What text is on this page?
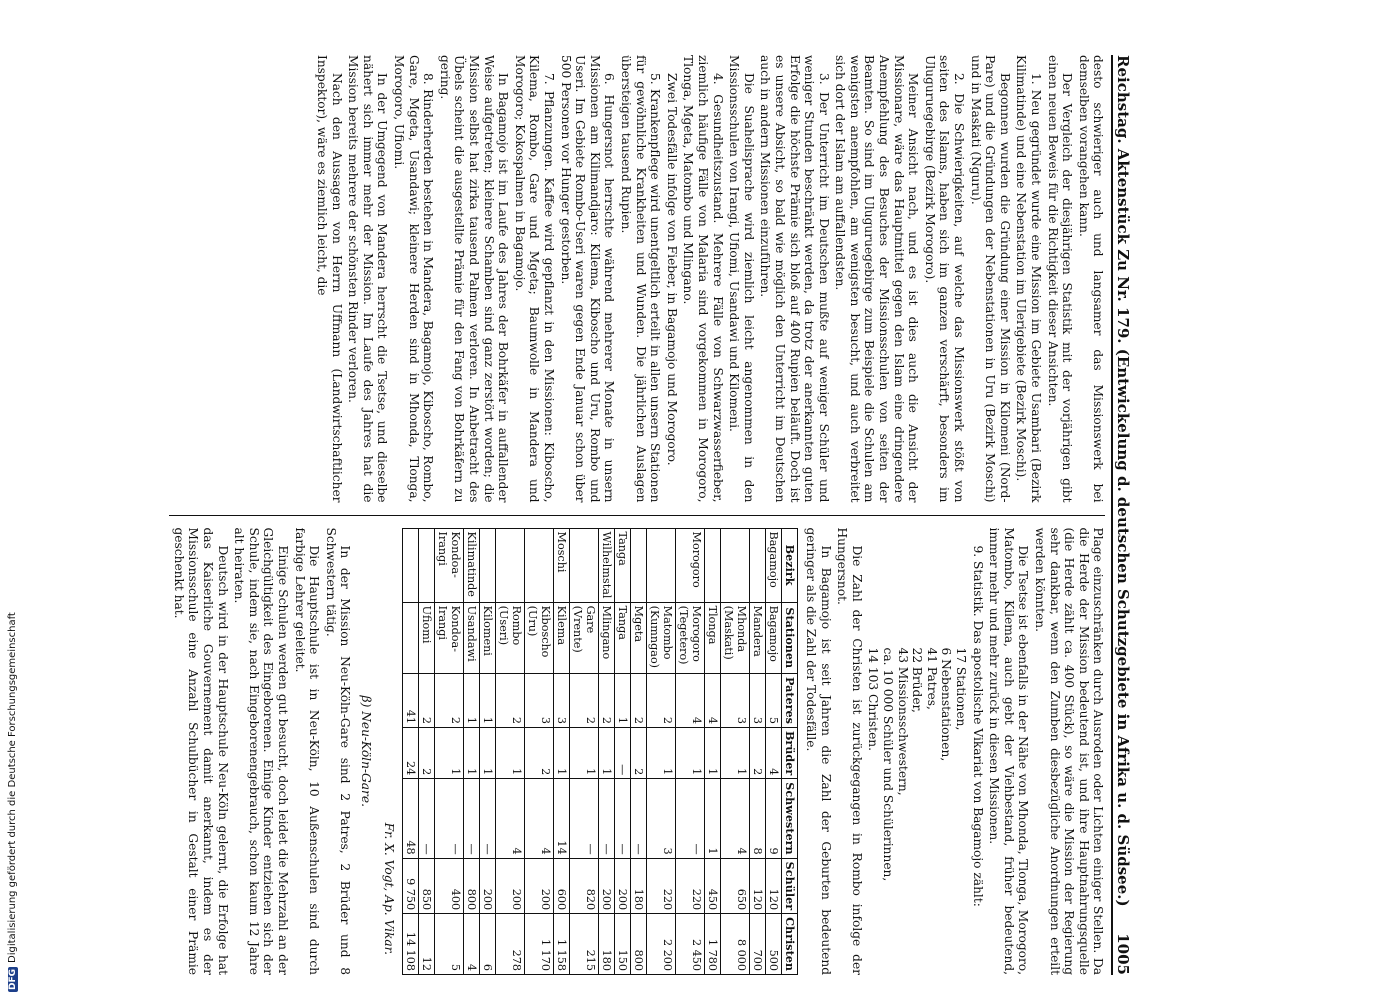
DFGDigitalisierung gefördert durch die Deutsche Forschungsgemeinschaft	Reichstag. Aktenstück Zu Nr. 179. (Entwickelung d. deutschen Schutzgebiete in Afrika u. d. Südsee.)
1005

desto schwieriger auch und langsamer das Missionswerk bei demselben vorangehen kann.

Der Vergleich der diesjährigen Statistik mit der vorjährigen gibt einen neuen Beweis für die Richtigkeit dieser Ansichten.

1. Neu gegründet wurde eine Mission im Gebiete Usambari (Bezirk Kilimatinde) und eine Nebenstation im Ulerigebiete (Bezirk Moschi).

Begonnen wurden die Gründung einer Mission in Kilomeni (Nord-Pare) und die Gründungen der Nebenstationen in Uru (Bezirk Moschi) und in Maskati (Nguru).

2. Die Schwierigkeiten, auf welche das Missionswerk stößt von seiten des Islams, haben sich im ganzen verschärft, besonders im Uluguruegebirge (Bezirk Morogoro).

Meiner Ansicht nach, und es ist dies auch die Ansicht der Missionare, wäre das Hauptmittel gegen den Islam eine dringendere Anempfehlung des Besuches der Missionsschulen von seiten der Beamten. So sind im Uluguruegebirge zum Beispiele die Schulen am wenigsten anempfohlen, am wenigsten besucht, und auch verbreitet sich dort der Islam am auffallendsten.

3. Der Unterricht im Deutschen mußte auf weniger Schüler und weniger Stunden beschränkt werden, da trotz der anerkannten guten Erfolge die höchste Prämie sich bloß auf 400 Rupien beläuft. Doch ist es unsere Absicht, so bald wie möglich den Unterricht im Deutschen auch in andern Missionen einzuführen.

Die Suahelisprache wird ziemlich leicht angenommen in den Missionsschulen von Irangi, Ufiomi, Usandawi und Kilomeni.

4. Gesundheitszustand. Mehrere Fälle von Schwarzwasserfieber, ziemlich häufige Fälle von Malaria sind vorgekommen in Morogoro, Tlonga, Mgeta, Matombo und Mlingano.

Zwei Todesfälle infolge von Fieber, in Bagamojo und Morogoro.

5. Krankenpflege wird unentgeltlich erteilt in allen unsern Stationen für gewöhnliche Krankheiten und Wunden. Die jährlichen Auslagen übersteigen tausend Rupien.

6. Hungersnot herrschte während mehrerer Monate in unsern Missionen am Kilimandjaro: Kilema, Kiboscho und Uru, Rombo und Useri. Im Gebiete Rombo-Useri waren gegen Ende Januar schon über 500 Personen vor Hunger gestorben.

7. Pflanzungen. Kaffee wird gepflanzt in den Missionen: Kiboscho, Kilema, Rombo, Gare und Mgeta; Baumwolle in Mandera und Morogoro; Kokospalmen in Bagamojo.

In Bagamojo ist im Laufe des Jahres der Bohrkäfer in auffallender Weise aufgetreten; kleinere Schamben sind ganz zerstört worden; die Mission selbst hat zirka tausend Palmen verloren. In Anbetracht des Übels scheint die ausgestellte Prämie für den Fang von Bohrkäfern zu gering.

8. Rinderherden bestehen in Mandera, Bagamojo, Kiboscho, Rombo, Gare, Mgeta, Usandawi; kleinere Herden sind in Mhonda, Tlonga, Morogoro, Ufiomi.

In der Umgegend von Mandera herrscht die Tsetse, und dieselbe nähert sich immer mehr der Mission. Im Laufe des Jahres hat die Mission bereits mehrere der schönsten Rinder verloren.

Nach den Aussagen von Herrn Uffmann (Landwirtschaftlicher Inspektor), wäre es ziemlich leicht, die

Plage einzuschränken durch Ausroden oder Lichten einiger Stellen. Da die Herde der Mission bedeutend ist, und ihre Hauptnahrungsquelle (die Herde zählt ca. 400 Stück), so wäre die Mission der Regierung sehr dankbar, wenn den Zumben diesbezügliche Anordnungen erteilt werden könnten.

Die Tsetse ist ebenfalls in der Nähe von Mhonda, Tlonga, Morogoro, Matombo, Kilema, auch gebt der Viehbestand, früher bedeutend, immer mehr und mehr zurück in diesen Missionen.

9. Statistik. Das apostolische Vikariat von Bagamojo zählt:

17 Stationen,
6 Nebenstationen,
41 Patres,
22 Brüder,
43 Missionsschwestern,
ca. 10 000 Schüler und Schülerinnen,
14 103 Christen.

Die Zahl der Christen ist zurückgegangen in Rombo infolge der Hungersnot.

In Bagamojo ist seit Jahren die Zahl der Geburten bedeutend geringer als die Zahl der Todesfälle.

Bezirk	Stationen	Pateres	Brüder	Schwestern	Schüler	Christen
Bagamojo	Bagamojo	5	4	9	120	500
	Mandera	3	2	8	120	700
	Mhonda (Maskati)	3	1	4	650	8 000
	Tlonga	4	1	1	450	1 780
Morogoro	Morogoro (Tegetero)	4	1	—	220	2 450
	Matombo (Kumngao)	2	1	3	220	2 200
	Mgeta	2	2	—	180	800
Tanga	Tanga	1	—	—	200	150
Wilhelmstal	Mlingano	2	1	—	200	180
	Gare (Vrente)	2	1	—	820	215
Moschi	Kilema	3	1	14	600	1 158
	Kiboscho (Uru)	3	2	4	200	1 170
	Rombo (Useri)	2	1	4	200	278
	Kilomeni	1	1	—	200	6
Kilimatinde	Usandawi	1	1	—	800	4
Kondoa-Irangi	Kondoa-Irangi	2	1	—	400	5
	Ufiomi	2	2	—	850	12
		41	24	48	9 750	14 108
Fr. X. Vogt, Ap. Vikar.
β) Neu-Köln-Gare.

In der Mission Neu-Köln-Gare sind 2 Patres, 2 Brüder und 8 Schwestern tätig.

Die Hauptschule ist in Neu-Köln, 10 Außenschulen sind durch farbige Lehrer geleitet.

Einige Schulen werden gut besucht, doch leidet die Mehrzahl an der Gleichgültigkeit des Eingeborenen. Einige Kinder entziehen sich der Schule, indem sie, nach Eingeborenengebrauch, schon kaum 12 Jahre alt heiraten.

Deutsch wird in der Hauptschule Neu-Köln gelernt, die Erfolge hat das Kaiserliche Gouvernement damit anerkannt, indem es der Missionsschule eine Anzahl Schulbücher in Gestalt einer Prämie geschenkt hat.
